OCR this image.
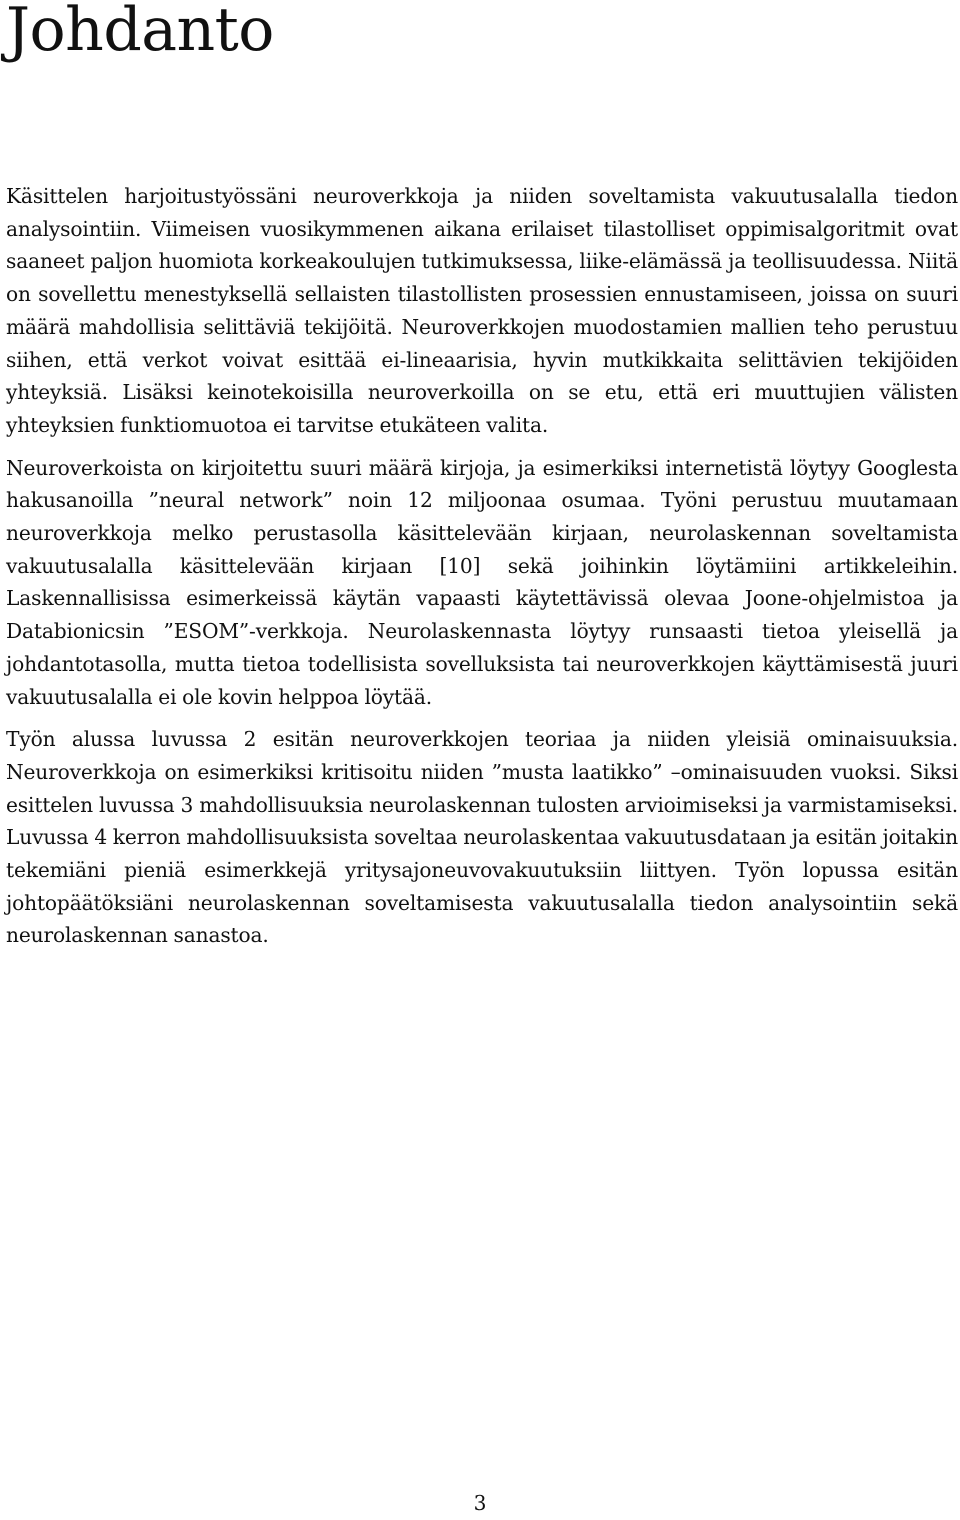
Johdanto

Käsittelen harjoitustyössäni neuroverkkoja ja niiden soveltamista vakuutusalalla tiedon analysointiin. Viimeisen vuosikymmenen aikana erilaiset tilastolliset oppimisalgoritmit ovat saaneet paljon huomiota korkeakoulujen tutkimuksessa, liike-elämässä ja teollisuudessa. Niitä on sovellettu menestyksellä sellaisten tilastollisten prosessien ennustamiseen, joissa on suuri määrä mahdollisia selittäviä tekijöitä. Neuroverkkojen muodostamien mallien teho perustuu siihen, että verkot voivat esittää ei-lineaarisia, hyvin mutkikkaita selittävien tekijöiden yhteyksiä. Lisäksi keinotekoisilla neuroverkoilla on se etu, että eri muuttujien välisten yhteyksien funktiomuotoa ei tarvitse etukäteen valita.

Neuroverkoista on kirjoitettu suuri määrä kirjoja, ja esimerkiksi internetistä löytyy Googlesta hakusanoilla ”neural network” noin 12 miljoonaa osumaa. Työni perustuu muutamaan neuroverkkoja melko perustasolla käsittelevään kirjaan, neurolaskennan soveltamista vakuutusalalla käsittelevään kirjaan [10] sekä joihinkin löytämiini artikkeleihin. Laskennallisissa esimerkeissä käytän vapaasti käytettävissä olevaa Joone-ohjelmistoa ja Databionicsin ”ESOM”-verkkoja. Neurolaskennasta löytyy runsaasti tietoa yleisellä ja johdantotasolla, mutta tietoa todellisista sovelluksista tai neuroverkkojen käyttämisestä juuri vakuutusalalla ei ole kovin helppoa löytää.

Työn alussa luvussa 2 esitän neuroverkkojen teoriaa ja niiden yleisiä ominaisuuksia. Neuroverkkoja on esimerkiksi kritisoitu niiden ”musta laatikko” –ominaisuuden vuoksi. Siksi esittelen luvussa 3 mahdollisuuksia neurolaskennan tulosten arvioimiseksi ja varmistamiseksi. Luvussa 4 kerron mahdollisuuksista soveltaa neurolaskentaa vakuutusdataan ja esitän joitakin tekemiäni pieniä esimerkkejä yritysajoneuvovakuutuksiin liittyen. Työn lopussa esitän johtopäätöksiäni neurolaskennan soveltamisesta vakuutusalalla tiedon analysointiin sekä neurolaskennan sanastoa.

3
